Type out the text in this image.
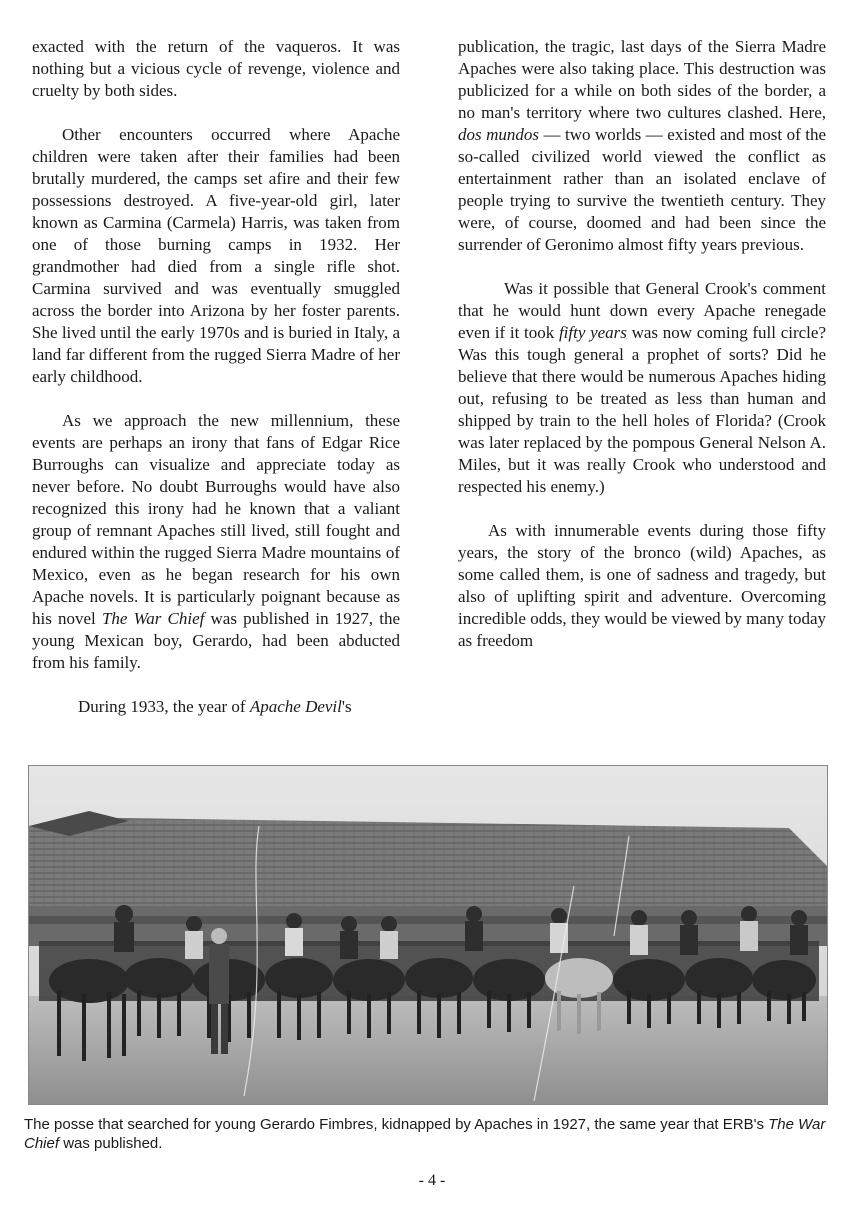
exacted with the return of the vaqueros. It was nothing but a vicious cycle of revenge, violence and cruelty by both sides.

Other encounters occurred where Apache children were taken after their families had been brutally murdered, the camps set afire and their few possessions destroyed. A five-year-old girl, later known as Carmina (Carmela) Harris, was taken from one of those burning camps in 1932. Her grandmother had died from a single rifle shot. Carmina survived and was eventually smuggled across the border into Arizona by her foster parents. She lived until the early 1970s and is buried in Italy, a land far different from the rugged Sierra Madre of her early childhood.

As we approach the new millennium, these events are perhaps an irony that fans of Edgar Rice Burroughs can visualize and appreciate today as never before. No doubt Burroughs would have also recognized this irony had he known that a valiant group of remnant Apaches still lived, still fought and endured within the rugged Sierra Madre mountains of Mexico, even as he began research for his own Apache novels. It is particularly poignant because as his novel The War Chief was published in 1927, the young Mexican boy, Gerardo, had been abducted from his family.

During 1933, the year of Apache Devil's

publication, the tragic, last days of the Sierra Madre Apaches were also taking place. This destruction was publicized for a while on both sides of the border, a no man's territory where two cultures clashed. Here, dos mundos — two worlds — existed and most of the so-called civilized world viewed the conflict as entertainment rather than an isolated enclave of people trying to survive the twentieth century. They were, of course, doomed and had been since the surrender of Geronimo almost fifty years previous.

Was it possible that General Crook's comment that he would hunt down every Apache renegade even if it took fifty years was now coming full circle? Was this tough general a prophet of sorts? Did he believe that there would be numerous Apaches hiding out, refusing to be treated as less than human and shipped by train to the hell holes of Florida? (Crook was later replaced by the pompous General Nelson A. Miles, but it was really Crook who understood and respected his enemy.)

As with innumerable events during those fifty years, the story of the bronco (wild) Apaches, as some called them, is one of sadness and tragedy, but also of uplifting spirit and adventure. Overcoming incredible odds, they would be viewed by many today as freedom

The posse that searched for young Gerardo Fimbres, kidnapped by Apaches in 1927, the same year that ERB's The War Chief was published.
- 4 -
